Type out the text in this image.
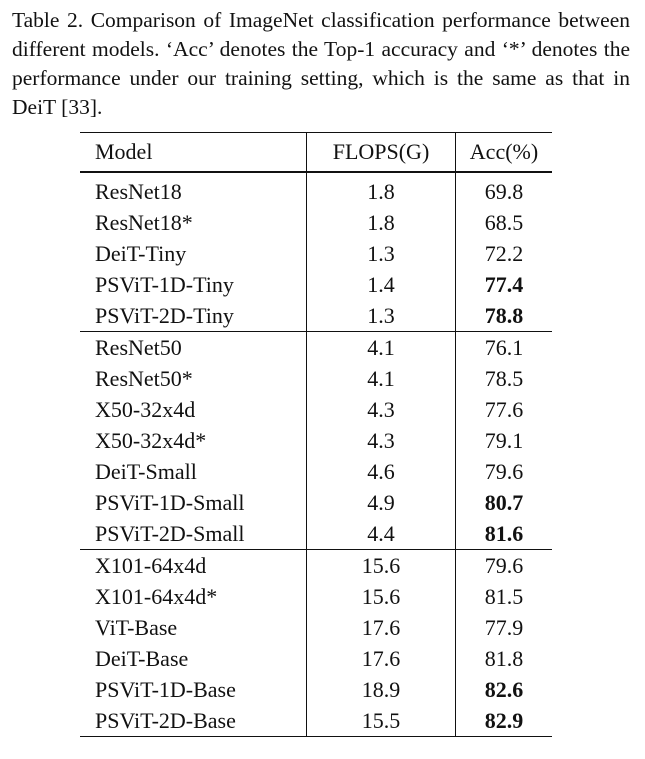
Table 2. Comparison of ImageNet classification performance between different models. ‘Acc’ denotes the Top-1 accuracy and ‘*’ denotes the performance under our training setting, which is the same as that in DeiT [33].

Model	FLOPS(G)	Acc(%)
ResNet18	1.8	69.8
ResNet18*	1.8	68.5
DeiT-Tiny	1.3	72.2
PSViT-1D-Tiny	1.4	77.4
PSViT-2D-Tiny	1.3	78.8
ResNet50	4.1	76.1
ResNet50*	4.1	78.5
X50-32x4d	4.3	77.6
X50-32x4d*	4.3	79.1
DeiT-Small	4.6	79.6
PSViT-1D-Small	4.9	80.7
PSViT-2D-Small	4.4	81.6
X101-64x4d	15.6	79.6
X101-64x4d*	15.6	81.5
ViT-Base	17.6	77.9
DeiT-Base	17.6	81.8
PSViT-1D-Base	18.9	82.6
PSViT-2D-Base	15.5	82.9
